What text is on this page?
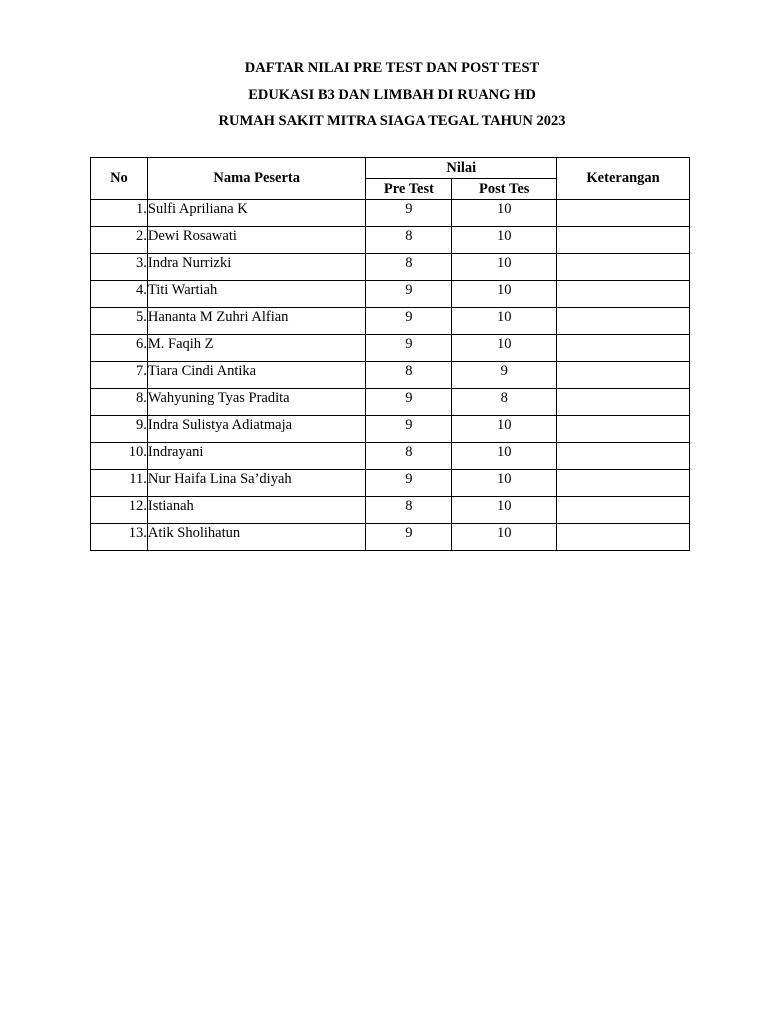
DAFTAR NILAI PRE TEST DAN POST TEST
EDUKASI B3 DAN LIMBAH DI RUANG HD
RUMAH SAKIT MITRA SIAGA TEGAL TAHUN 2023
No	Nama Peserta	Nilai		Keterangan
		Pre Test	Post Tes	
1.	Sulfi Apriliana K	9	10	
2.	Dewi Rosawati	8	10	
3.	Indra Nurrizki	8	10	
4.	Titi Wartiah	9	10	
5.	Hananta M Zuhri Alfian	9	10	
6.	M. Faqih Z	9	10	
7.	Tiara Cindi Antika	8	9	
8.	Wahyuning Tyas Pradita	9	8	
9.	Indra Sulistya Adiatmaja	9	10	
10.	Indrayani	8	10	
11.	Nur Haifa Lina Sa’diyah	9	10	
12.	Istianah	8	10	
13.	Atik Sholihatun	9	10	
